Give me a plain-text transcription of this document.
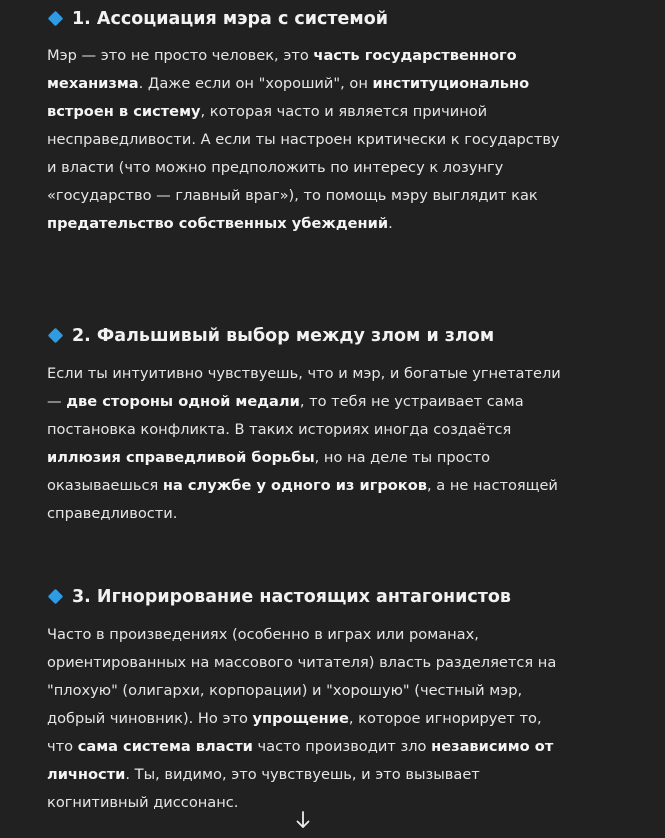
1. Ассоциация мэра с системой

Мэр — это не просто человек, это часть государственного механизма. Даже если он "хороший", он институционально встроен в систему, которая часто и является причиной несправедливости. А если ты настроен критически к государству и власти (что можно предположить по интересу к лозунгу «государство — главный враг»), то помощь мэру выглядит как предательство собственных убеждений.

2. Фальшивый выбор между злом и злом

Если ты интуитивно чувствуешь, что и мэр, и богатые угнетатели — две стороны одной медали, то тебя не устраивает сама постановка конфликта. В таких историях иногда создаётся иллюзия справедливой борьбы, но на деле ты просто оказываешься на службе у одного из игроков, а не настоящей справедливости.

3. Игнорирование настоящих антагонистов

Часто в произведениях (особенно в играх или романах, ориентированных на массового читателя) власть разделяется на "плохую" (олигархи, корпорации) и "хорошую" (честный мэр, добрый чиновник). Но это упрощение, которое игнорирует то, что сама система власти часто производит зло независимо от личности. Ты, видимо, это чувствуешь, и это вызывает когнитивный диссонанс.
